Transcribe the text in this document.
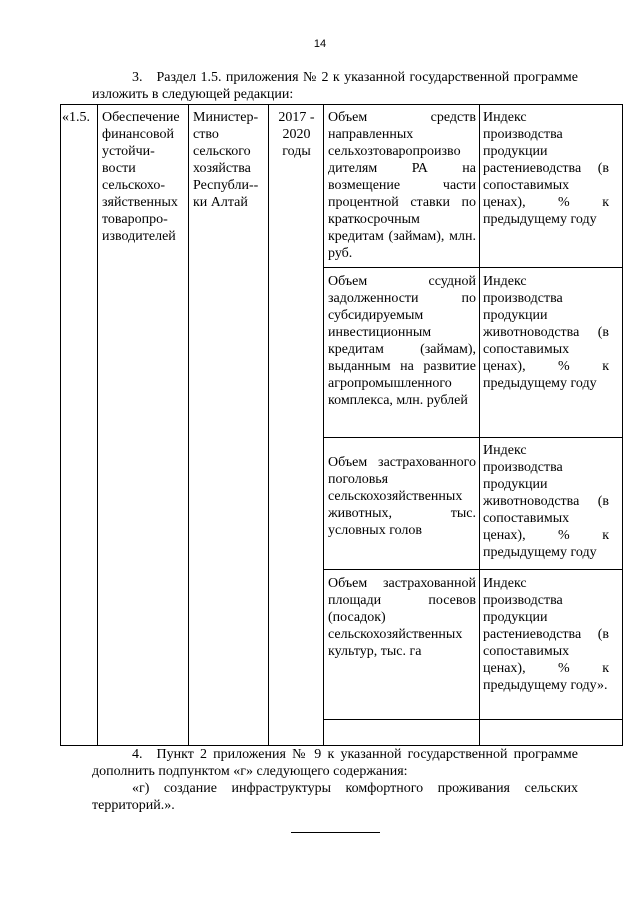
14
3. Раздел 1.5. приложения № 2 к указанной государственной программе изложить в следующей редакции:
«1.5. Обеспечение финансовой устойчи-вости сельскохо-зяйственных товаропро-изводителей
Министер-ство сельского хозяйства Республи--ки Алтай
2017 - 2020 годы
Объем средств направленных сельхозтоваропроизво дителям РА на возмещение части процентной ставки по краткосрочным кредитам (займам), млн. руб.
Индекс производства продукции растениеводства (в сопоставимых ценах), % к предыдущему году
Объем ссудной задолженности по субсидируемым инвестиционным кредитам (займам), выданным на развитие агропромышленного комплекса, млн. рублей
Индекс производства продукции животноводства (в сопоставимых ценах), % к предыдущему году
Объем застрахованного поголовья сельскохозяйственных животных, тыс. условных голов
Индекс производства продукции животноводства (в сопоставимых ценах), % к предыдущему году
Объем застрахованной площади посевов (посадок) сельскохозяйственных культур, тыс. га
Индекс производства продукции растениеводства (в сопоставимых ценах), % к предыдущему году».
4. Пункт 2 приложения № 9 к указанной государственной программе дополнить подпунктом «г» следующего содержания:
«г) создание инфраструктуры комфортного проживания сельских территорий.».
